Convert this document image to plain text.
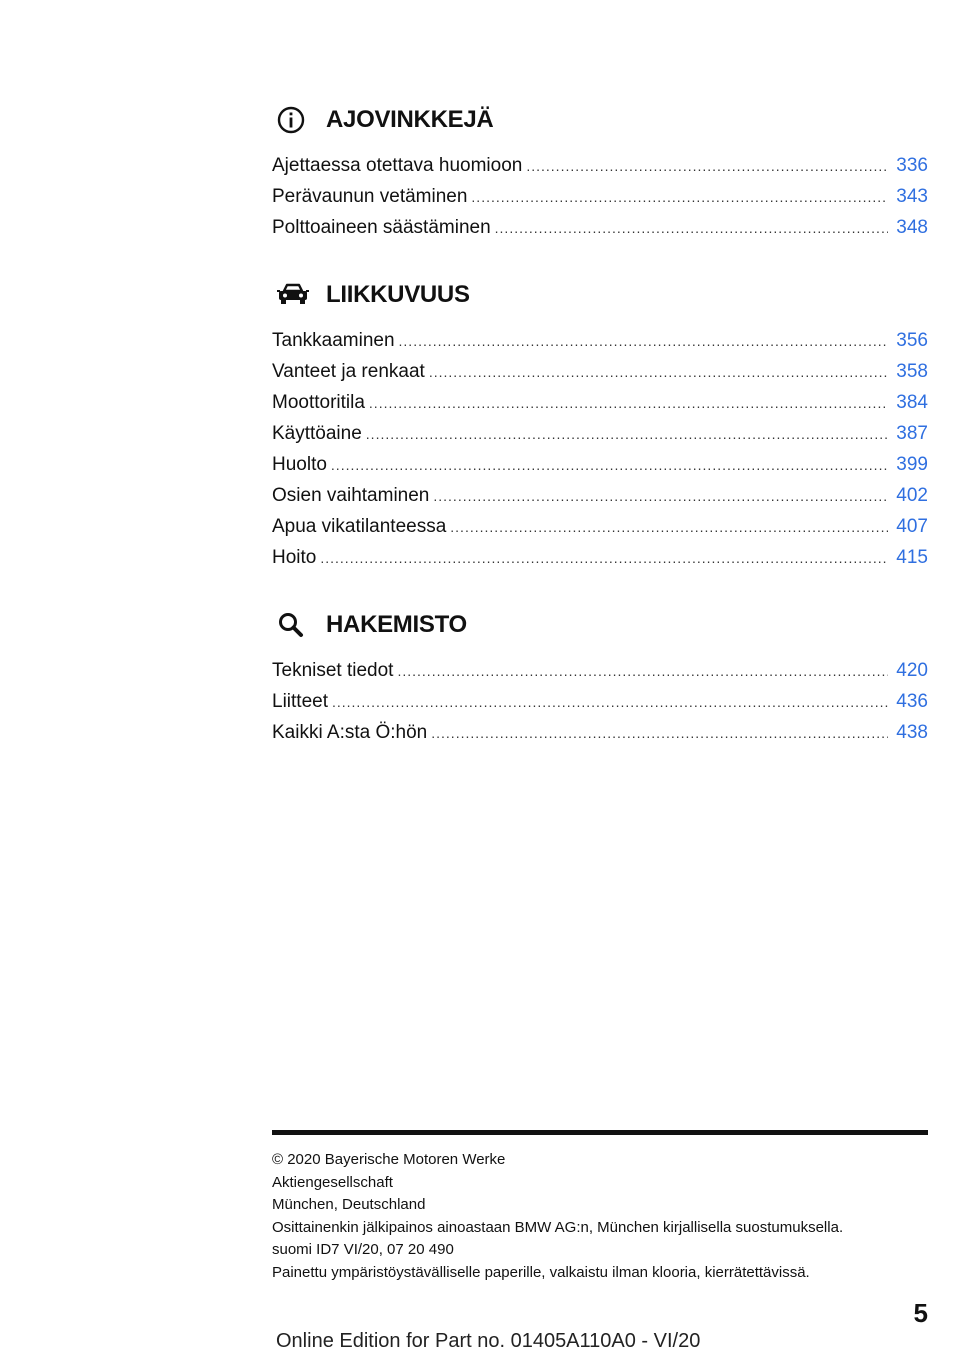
AJOVINKKEJÄ
Ajettaessa otettava huomioon .....	336
Perävaunun vetäminen .....	343
Polttoaineen säästäminen .....	348
LIIKKUVUUS
Tankkaaminen .....	356
Vanteet ja renkaat .....	358
Moottoritila .....	384
Käyttöaine .....	387
Huolto .....	399
Osien vaihtaminen .....	402
Apua vikatilanteessa .....	407
Hoito .....	415
HAKEMISTO
Tekniset tiedot .....	420
Liitteet .....	436
Kaikki A:sta Ö:hön .....	438
© 2020 Bayerische Motoren Werke
Aktiengesellschaft
München, Deutschland
Osittainenkin jälkipainos ainoastaan BMW AG:n, München kirjallisella suostumuksella.
suomi ID7 VI/20, 07 20 490
Painettu ympäristöystävälliselle paperille, valkaistu ilman klooria, kierrätettävissä.
5
Online Edition for Part no. 01405A110A0 - VI/20
